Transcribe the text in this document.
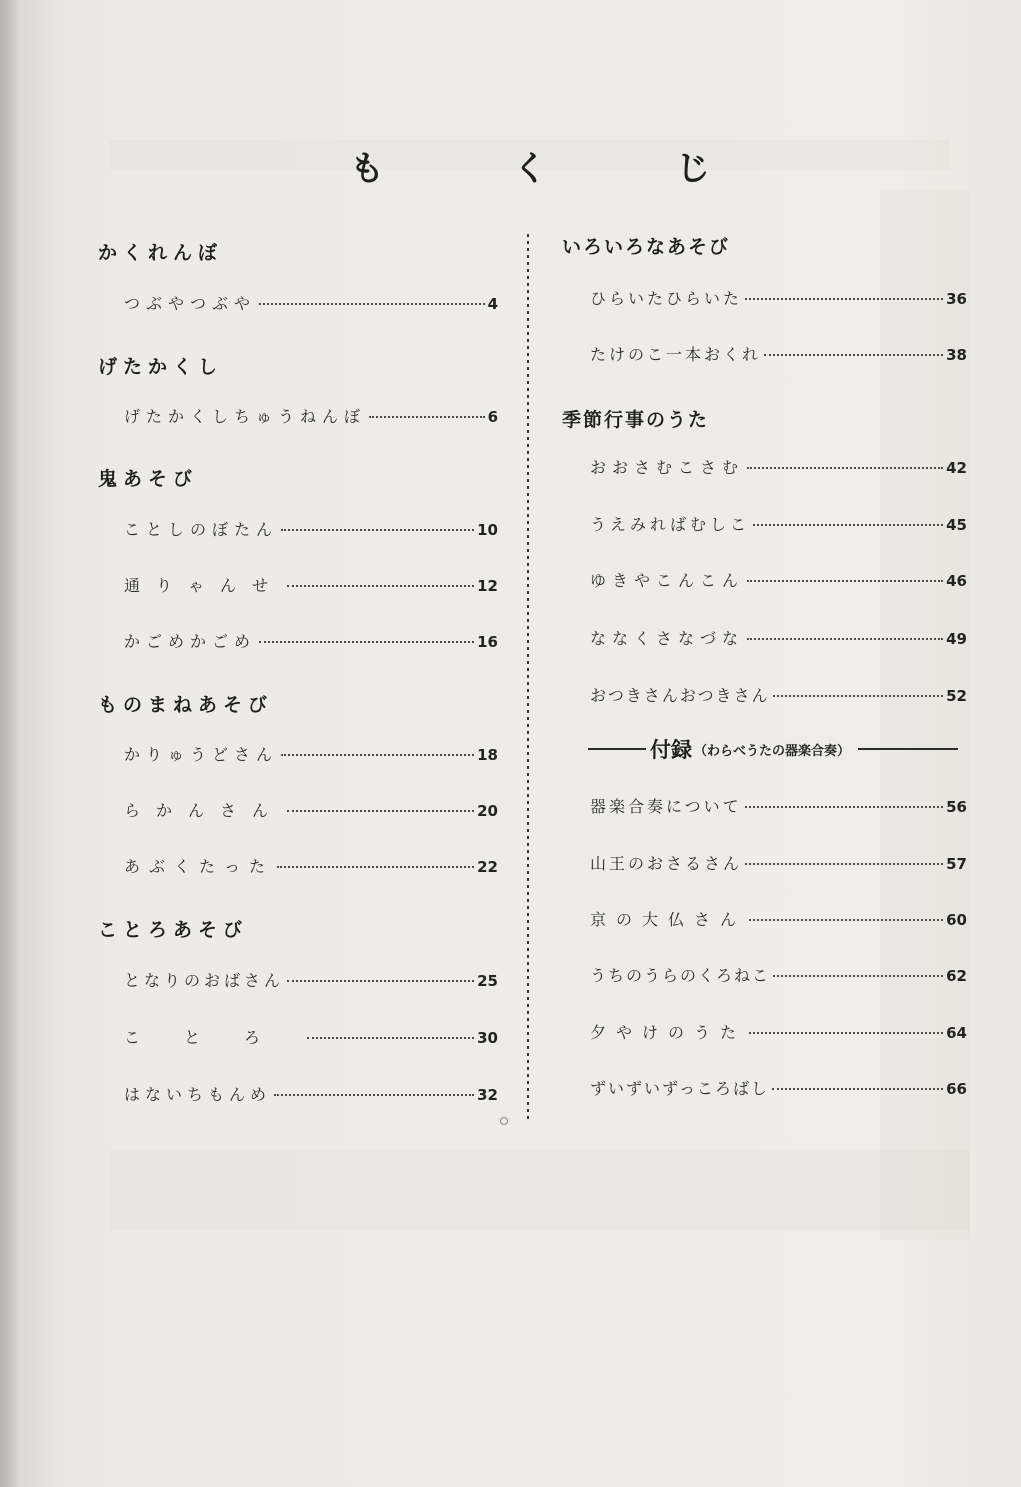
も	く	じ
かくれんぼ
つぶやつぶや	4
げたかくし
げたかくしちゅうねんぼ	6
鬼あそび
ことしのぼたん	10
通りゃんせ	12
かごめかごめ	16
ものまねあそび
かりゅうどさん	18
らかんさん	20
あぶくたった	22
ことろあそび
となりのおばさん	25
ことろ	30
はないちもんめ	32
いろいろなあそび
ひらいたひらいた	36
たけのこ一本おくれ	38
季節行事のうた
おおさむこさむ	42
うえみればむしこ	45
ゆきやこんこん	46
ななくさなづな	49
おつきさんおつきさん	52
付録 （わらべうたの器楽合奏）
器楽合奏について	56
山王のおさるさん	57
京の大仏さん	60
うちのうらのくろねこ	62
夕やけのうた	64
ずいずいずっころばし	66
